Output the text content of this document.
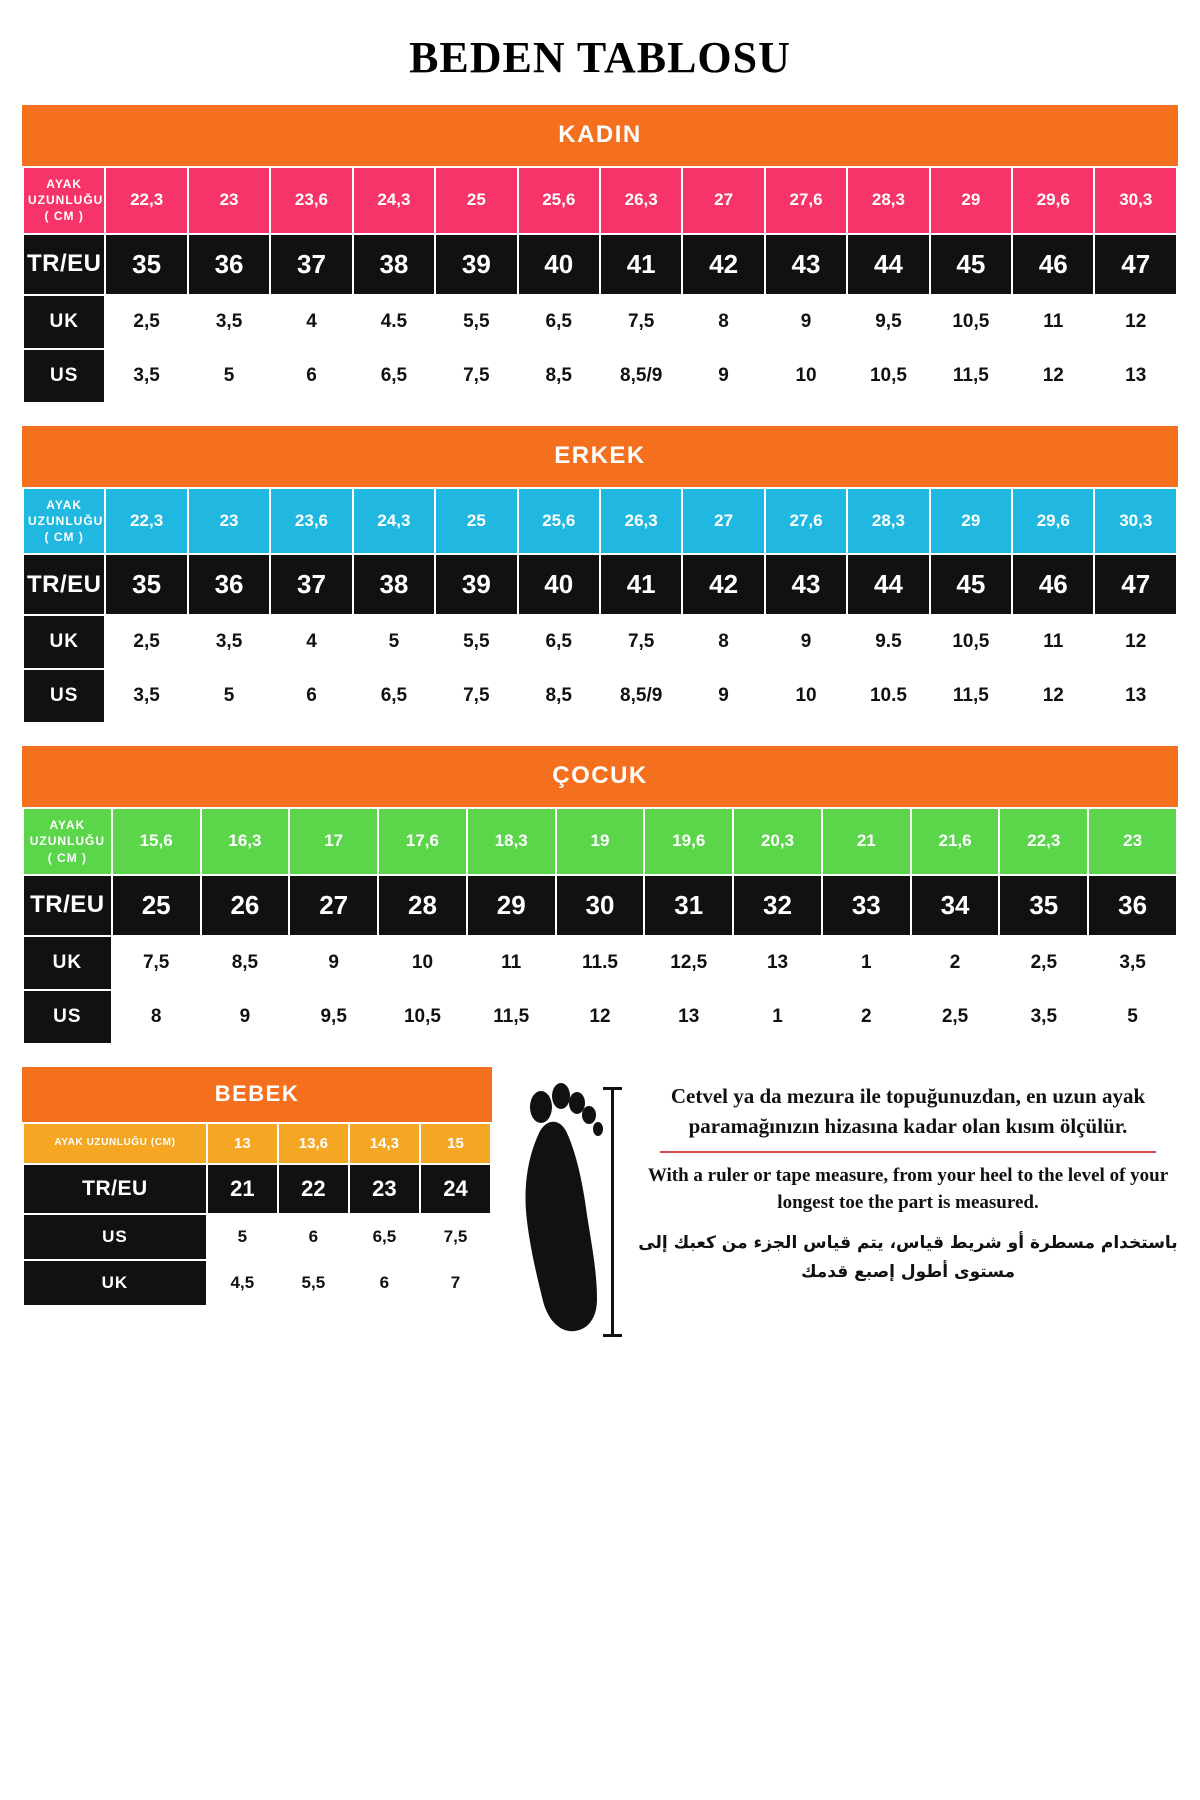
BEDEN TABLOSU
KADIN
AYAK UZUNLUĞU ( CM )	22,3	23	23,6	24,3	25	25,6	26,3	27	27,6	28,3	29	29,6	30,3
TR/EU	35	36	37	38	39	40	41	42	43	44	45	46	47
UK	2,5	3,5	4	4.5	5,5	6,5	7,5	8	9	9,5	10,5	11	12
US	3,5	5	6	6,5	7,5	8,5	8,5/9	9	10	10,5	11,5	12	13
ERKEK
AYAK UZUNLUĞU ( CM )	22,3	23	23,6	24,3	25	25,6	26,3	27	27,6	28,3	29	29,6	30,3
TR/EU	35	36	37	38	39	40	41	42	43	44	45	46	47
UK	2,5	3,5	4	5	5,5	6,5	7,5	8	9	9.5	10,5	11	12
US	3,5	5	6	6,5	7,5	8,5	8,5/9	9	10	10.5	11,5	12	13
ÇOCUK
AYAK UZUNLUĞU ( CM )	15,6	16,3	17	17,6	18,3	19	19,6	20,3	21	21,6	22,3	23
TR/EU	25	26	27	28	29	30	31	32	33	34	35	36
UK	7,5	8,5	9	10	11	11.5	12,5	13	1	2	2,5	3,5
US	8	9	9,5	10,5	11,5	12	13	1	2	2,5	3,5	5
BEBEK
AYAK UZUNLUĞU (CM)	13	13,6	14,3	15
TR/EU	21	22	23	24
US	5	6	6,5	7,5
UK	4,5	5,5	6	7
Cetvel ya da mezura ile topuğunuzdan, en uzun ayak paramağınızın hizasına kadar olan kısım ölçülür.
With a ruler or tape measure, from your heel to the level of your longest toe the part is measured.
باستخدام مسطرة أو شريط قياس، يتم قياس الجزء من كعبك إلى مستوى أطول إصبع قدمك
